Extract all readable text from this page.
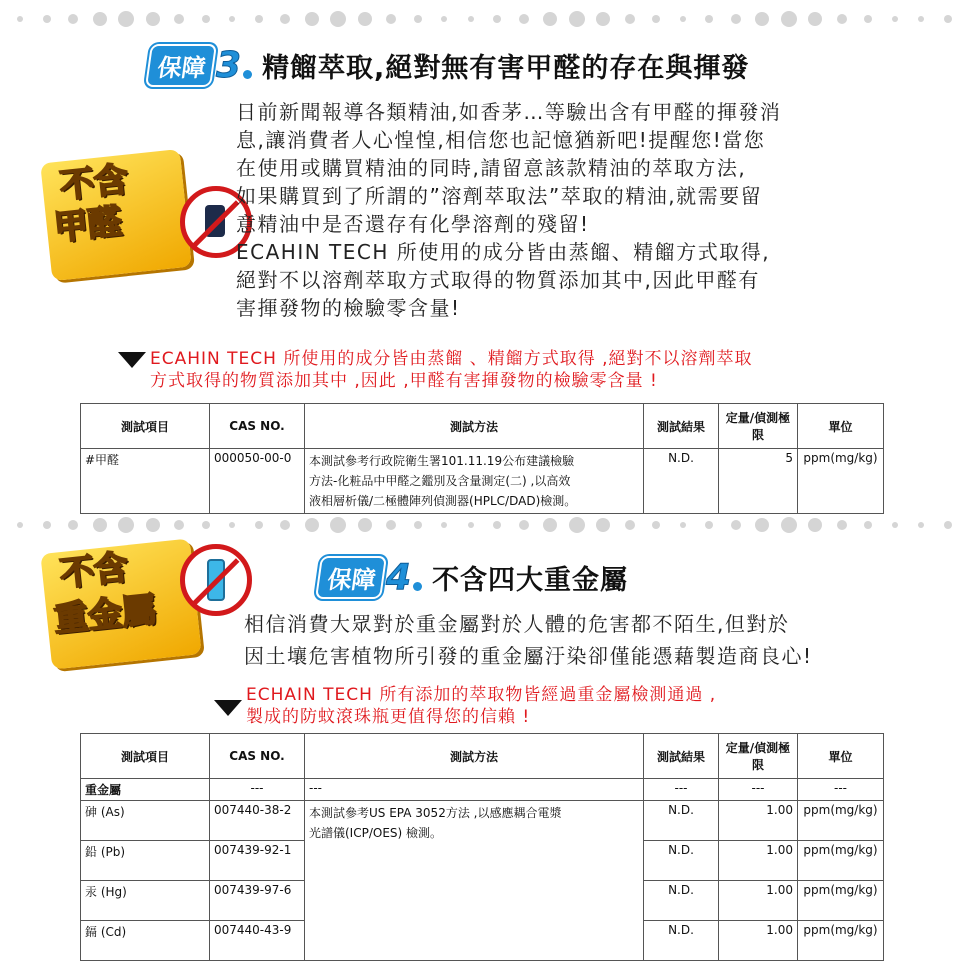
保障 3 精餾萃取,絕對無有害甲醛的存在與揮發
不含
甲醛
日前新聞報導各類精油,如香茅…等驗出含有甲醛的揮發消
息,讓消費者人心惶惶,相信您也記憶猶新吧!提醒您!當您
在使用或購買精油的同時,請留意該款精油的萃取方法,
如果購買到了所謂的”溶劑萃取法”萃取的精油,就需要留
意精油中是否還存有化學溶劑的殘留!
ECAHIN TECH 所使用的成分皆由蒸餾、精餾方式取得,
絕對不以溶劑萃取方式取得的物質添加其中,因此甲醛有
害揮發物的檢驗零含量!
ECAHIN TECH 所使用的成分皆由蒸餾 、精餾方式取得 ,絕對不以溶劑萃取
方式取得的物質添加其中 ,因此 ,甲醛有害揮發物的檢驗零含量 !
測試項目	CAS NO.	測試方法	測試結果	定量/偵測極限	單位
#甲醛	000050-00-0	本測試參考行政院衛生署101.11.19公布建議檢驗
方法-化粧品中甲醛之鑑別及含量測定(二) ,以高效
液相層析儀/二極體陣列偵測器(HPLC/DAD)檢測。	N.D.	5	ppm(mg/kg)
不含
重金屬
保障 4 不含四大重金屬
相信消費大眾對於重金屬對於人體的危害都不陌生,但對於
因土壤危害植物所引發的重金屬汙染卻僅能憑藉製造商良心!
ECHAIN TECH 所有添加的萃取物皆經過重金屬檢測通過 ,
製成的防蚊滾珠瓶更值得您的信賴 !
測試項目	CAS NO.	測試方法	測試結果	定量/偵測極限	單位
重金屬	---	---	---	---	---
砷 (As)	007440-38-2	本測試參考US EPA 3052方法 ,以感應耦合電漿
光譜儀(ICP/OES) 檢測。	N.D.	1.00	ppm(mg/kg)
鉛 (Pb)	007439-92-1		N.D.	1.00	ppm(mg/kg)
汞 (Hg)	007439-97-6		N.D.	1.00	ppm(mg/kg)
鎘 (Cd)	007440-43-9		N.D.	1.00	ppm(mg/kg)
